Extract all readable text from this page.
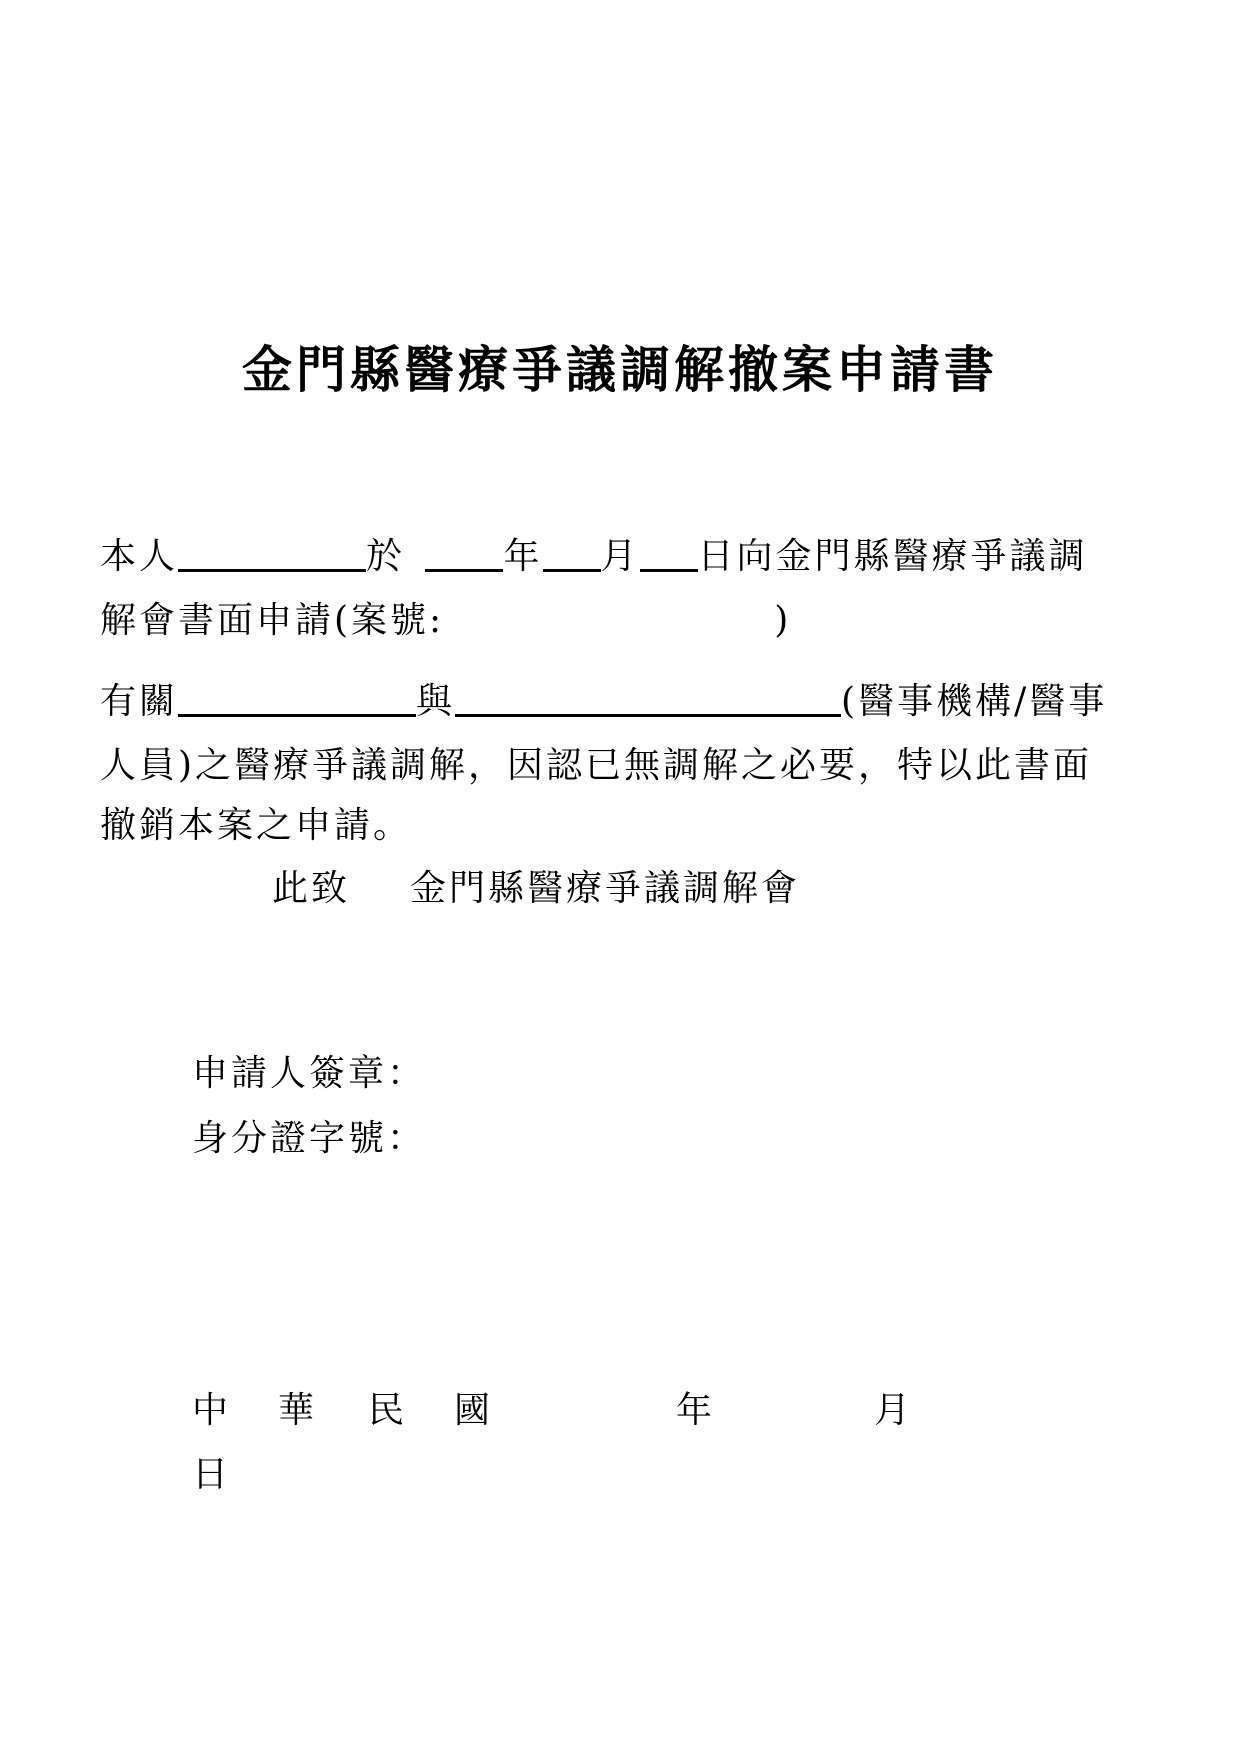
金門縣醫療爭議調解撤案申請書
本人	於	年 月 日向金門縣醫療爭議調
解會書面申請(案號:	)
有關	與	(醫事機構/醫事
人員)之醫療爭議調解，因認已無調解之必要，特以此書面
撤銷本案之申請。
此致 金門縣醫療爭議調解會
申請人簽章：
身分證字號：
中 華 民 國	年	月
日
